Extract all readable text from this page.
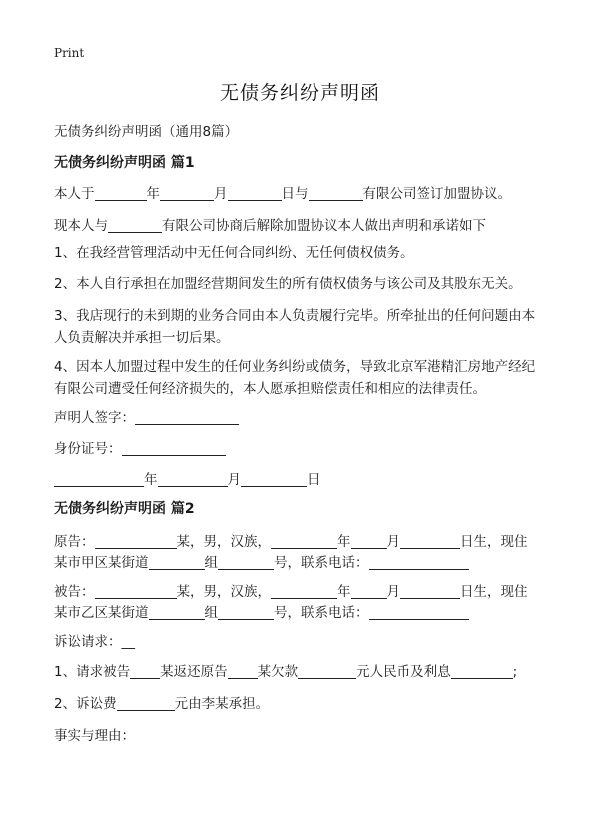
Print
无债务纠纷声明函
无债务纠纷声明函（通用8篇）
无债务纠纷声明函 篇1
本人于	年	月	日与	有限公司签订加盟协议。
现本人与	有限公司协商后解除加盟协议本人做出声明和承诺如下
1、在我经营管理活动中无任何合同纠纷、无任何债权债务。
2、本人自行承担在加盟经营期间发生的所有债权债务与该公司及其股东无关。
3、我店现行的未到期的业务合同由本人负责履行完毕。所牵扯出的任何问题由本人负责解决并承担一切后果。
4、因本人加盟过程中发生的任何业务纠纷或债务，导致北京军港精汇房地产经纪有限公司遭受任何经济损失的，本人愿承担赔偿责任和相应的法律责任。
声明人签字：
身份证号：
年	月	日
无债务纠纷声明函 篇2
原告：	某，男，汉族，	年	月	日生，现住
某市甲区某街道	组	号，联系电话：
被告：	某，男，汉族，	年	月	日生，现住
某市乙区某街道	组	号，联系电话：
诉讼请求：__
1、请求被告 某返还原告 某欠款	元人民币及利息	;
2、诉讼费	元由李某承担。
事实与理由：
